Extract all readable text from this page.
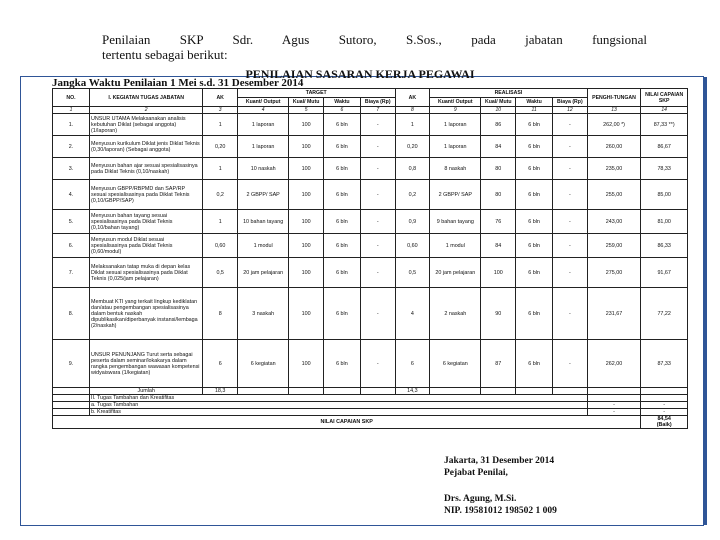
Penilaian SKP Sdr. Agus Sutoro, S.Sos., pada jabatan fungsional
tertentu sebagai berikut:
PENILAIAN SASARAN KERJA PEGAWAI
Jangka Waktu Penilaian 1 Mei s.d. 31 Desember 2014
NO.	I. KEGIATAN TUGAS JABATAN	AK	TARGET				AK	REALISASI				PENGHI-TUNGAN	NILAI CAPAIAN SKP
			Kuant/ Output	Kual/ Mutu	Waktu	Biaya (Rp)		Kuant/ Output	Kual/ Mutu	Waktu	Biaya (Rp)		
1	2	3	4	5	6	7	8	9	10	11	12	13	14
1.	UNSUR UTAMA Melaksanakan analisis kebutuhan Diklat (sebagai anggota) (1/laporan)	1	1 laporan	100	6 bln	-	1	1 laporan	86	6 bln	-	262,00 *)	87,33 **)
2.	Menyusun kurikulum Diklat jenis Diklat Teknis (0,30/laporan) (Sebagai anggota)	0,20	1 laporan	100	6 bln	-	0,20	1 laporan	84	6 bln	-	260,00	86,67
3.	Menyusun bahan ajar sesuai spesialisasinya pada Diklat Teknis (0,10/naskah)	1	10 naskah	100	6 bln	-	0,8	8 naskah	80	6 bln	-	235,00	78,33
4.	Menyusun GBPP/RBPMD dan SAP/RP sesuai spesialisasinya pada Diklat Teknis (0,10/GBPP/SAP)	0,2	2 GBPP/ SAP	100	6 bln	-	0,2	2 GBPP/ SAP	80	6 bln	-	255,00	85,00
5.	Menyusun bahan tayang sesuai spesialisasinya pada Diklat Teknis (0,10/bahan tayang)	1	10 bahan tayang	100	6 bln	-	0,9	9 bahan tayang	76	6 bln	-	243,00	81,00
6.	Menyusun modul Diklat sesuai spesialisasinya pada Diklat Teknis (0,60/modul)	0,60	1 modul	100	6 bln	-	0,60	1 modul	84	6 bln	-	259,00	86,33
7.	Melaksanakan tatap muka di depan kelas Diklat sesuai spesialisasinya pada Diklat Teknis (0,025/jam pelajaran)	0,5	20 jam pelajaran	100	6 bln	-	0,5	20 jam pelajaran	100	6 bln	-	275,00	91,67
8.	Membuat KTI yang terkait lingkup kediklatan dan/atau pengembangan spesialisasinya dalam bentuk naskah dipublikasikan/diperbanyak instansi/lembaga (2/naskah)	8	3 naskah	100	6 bln	-	4	2 naskah	90	6 bln	-	231,67	77,22
9.	UNSUR PENUNJANG Turut serta sebagai peserta dalam seminar/lokakarya dalam rangka pengembangan wawasan kompetensi widyaiswara (1/kegiatan)	6	6 kegiatan	100	6 bln	-	6	6 kegiatan	87	6 bln	-	262,00	87,33
	Jumlah	18,3					14,3						
	II. Tugas Tambahan dan Kreatifitas												
	a. Tugas Tambahan											-	-
	b. Kreatifitas											-	-
NILAI CAPAIAN SKP													84,54
(Baik)
Jakarta, 31 Desember 2014
Pejabat Penilai,
Drs. Agung, M.Si.
NIP. 19581012 198502 1 009
